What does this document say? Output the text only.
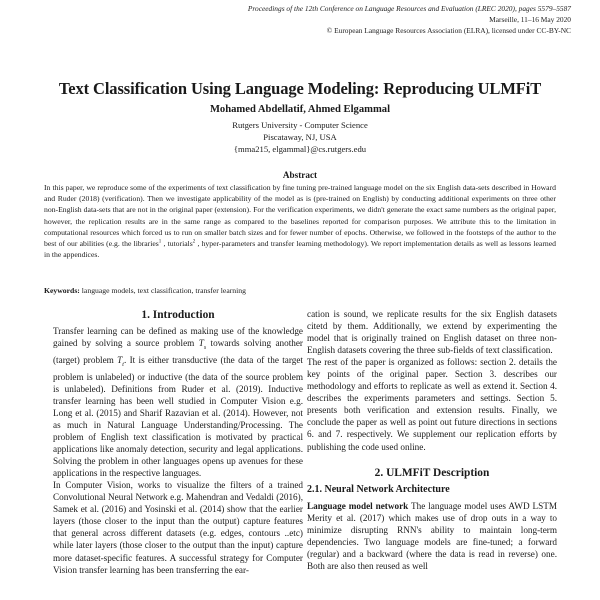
Proceedings of the 12th Conference on Language Resources and Evaluation (LREC 2020), pages 5579–5587
Marseille, 11–16 May 2020
© European Language Resources Association (ELRA), licensed under CC-BY-NC
Text Classification Using Language Modeling: Reproducing ULMFiT
Mohamed Abdellatif, Ahmed Elgammal
Rutgers University - Computer Science
Piscataway, NJ, USA
{mma215, elgammal}@cs.rutgers.edu
Abstract
In this paper, we reproduce some of the experiments of text classification by fine tuning pre-trained language model on the six English data-sets described in Howard and Ruder (2018) (verification). Then we investigate applicability of the model as is (pre-trained on English) by conducting additional experiments on three other non-English data-sets that are not in the original paper (extension). For the verification experiments, we didn't generate the exact same numbers as the original paper, however, the replication results are in the same range as compared to the baselines reported for comparison purposes. We attribute this to the limitation in computational resources which forced us to run on smaller batch sizes and for fewer number of epochs. Otherwise, we followed in the footsteps of the author to the best of our abilities (e.g. the libraries$^1$ , tutorials$^2$ , hyper-parameters and transfer learning methodology). We report implementation details as well as lessons learned in the appendices.
Keywords: language models, text classification, transfer learning
1. Introduction

Transfer learning can be defined as making use of the knowledge gained by solving a source problem $T_s$ towards solving another (target) problem $T_t$. It is either transductive (the data of the target problem is unlabeled) or inductive (the data of the source problem is unlabeled). Definitions from Ruder et al. (2019). Inductive transfer learning has been well studied in Computer Vision e.g. Long et al. (2015) and Sharif Razavian et al. (2014). However, not as much in Natural Language Understanding/Processing. The problem of English text classification is motivated by practical applications like anomaly detection, security and legal applications. Solving the problem in other languages opens up avenues for these applications in the respective languages.

In Computer Vision, works to visualize the filters of a trained Convolutional Neural Network e.g. Mahendran and Vedaldi (2016), Samek et al. (2016) and Yosinski et al. (2014) show that the earlier layers (those closer to the input than the output) capture features that general across different datasets (e.g. edges, contours ..etc) while later layers (those closer to the output than the input) capture more dataset-specific features. A successful strategy for Computer Vision transfer learning has been transferring the ear-

cation is sound, we replicate results for the six English datasets citetd by them. Additionally, we extend by experimenting the model that is originally trained on English dataset on three non-English datasets covering the three sub-fields of text classification.

The rest of the paper is organized as follows: section 2. details the key points of the original paper. Section 3. describes our methodology and efforts to replicate as well as extend it. Section 4. describes the experiments parameters and settings. Section 5. presents both verification and extension results. Finally, we conclude the paper as well as point out future directions in sections 6. and 7. respectively. We supplement our replication efforts by publishing the code used online.

2. ULMFiT Description
2.1. Neural Network Architecture

Language model network The language model uses AWD LSTM Merity et al. (2017) which makes use of drop outs in a way to minimize disrupting RNN's ability to maintain long-term dependencies. Two language models are fine-tuned; a forward (regular) and a backward (where the data is read in reverse) one. Both are also then reused as well
